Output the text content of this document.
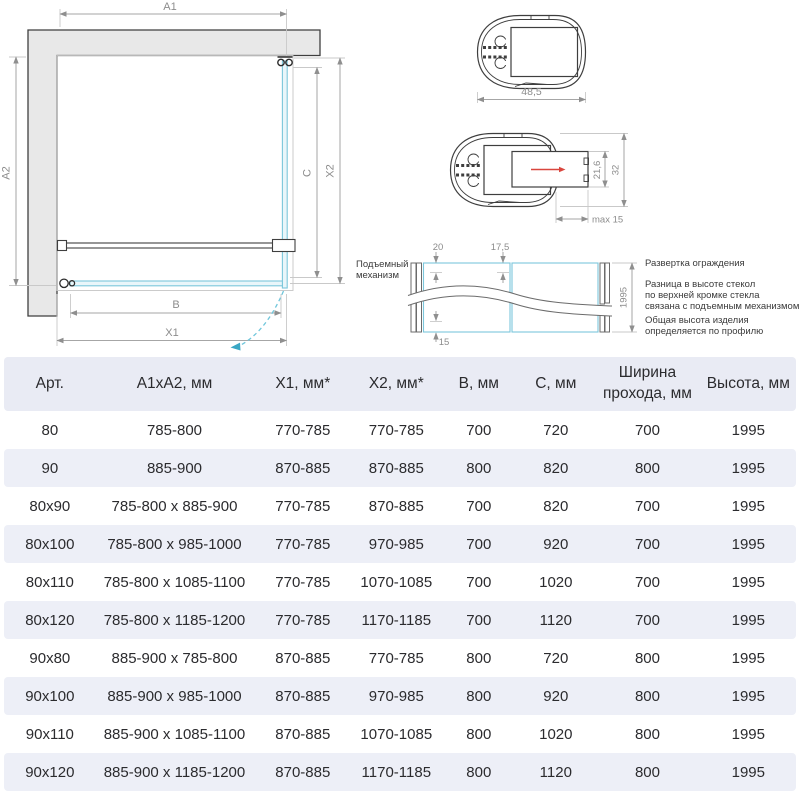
A1
A2	X2
C
B
X1
48,5
21,6 32
max 15
Подъемный
механизм
20	17,5
15
1995
Развертка ограждения
Разница в высоте стекол
по верхней кромке стекла
связана с подъемным механизмом
Общая высота изделия
определяется по профилю
Арт.	A1xA2, мм	X1, мм*	X2, мм*	B, мм	C, мм	Ширина прохода, мм	Высота, мм
80	785-800	770-785	770-785	700	720	700	1995
90	885-900	870-885	870-885	800	820	800	1995
80x90	785-800 x 885-900	770-785	870-885	700	820	700	1995
80x100	785-800 x 985-1000	770-785	970-985	700	920	700	1995
80x110	785-800 x 1085-1100	770-785	1070-1085	700	1020	700	1995
80x120	785-800 x 1185-1200	770-785	1170-1185	700	1120	700	1995
90x80	885-900 x 785-800	870-885	770-785	800	720	800	1995
90x100	885-900 x 985-1000	870-885	970-985	800	920	800	1995
90x110	885-900 x 1085-1100	870-885	1070-1085	800	1020	800	1995
90x120	885-900 x 1185-1200	870-885	1170-1185	800	1120	800	1995
